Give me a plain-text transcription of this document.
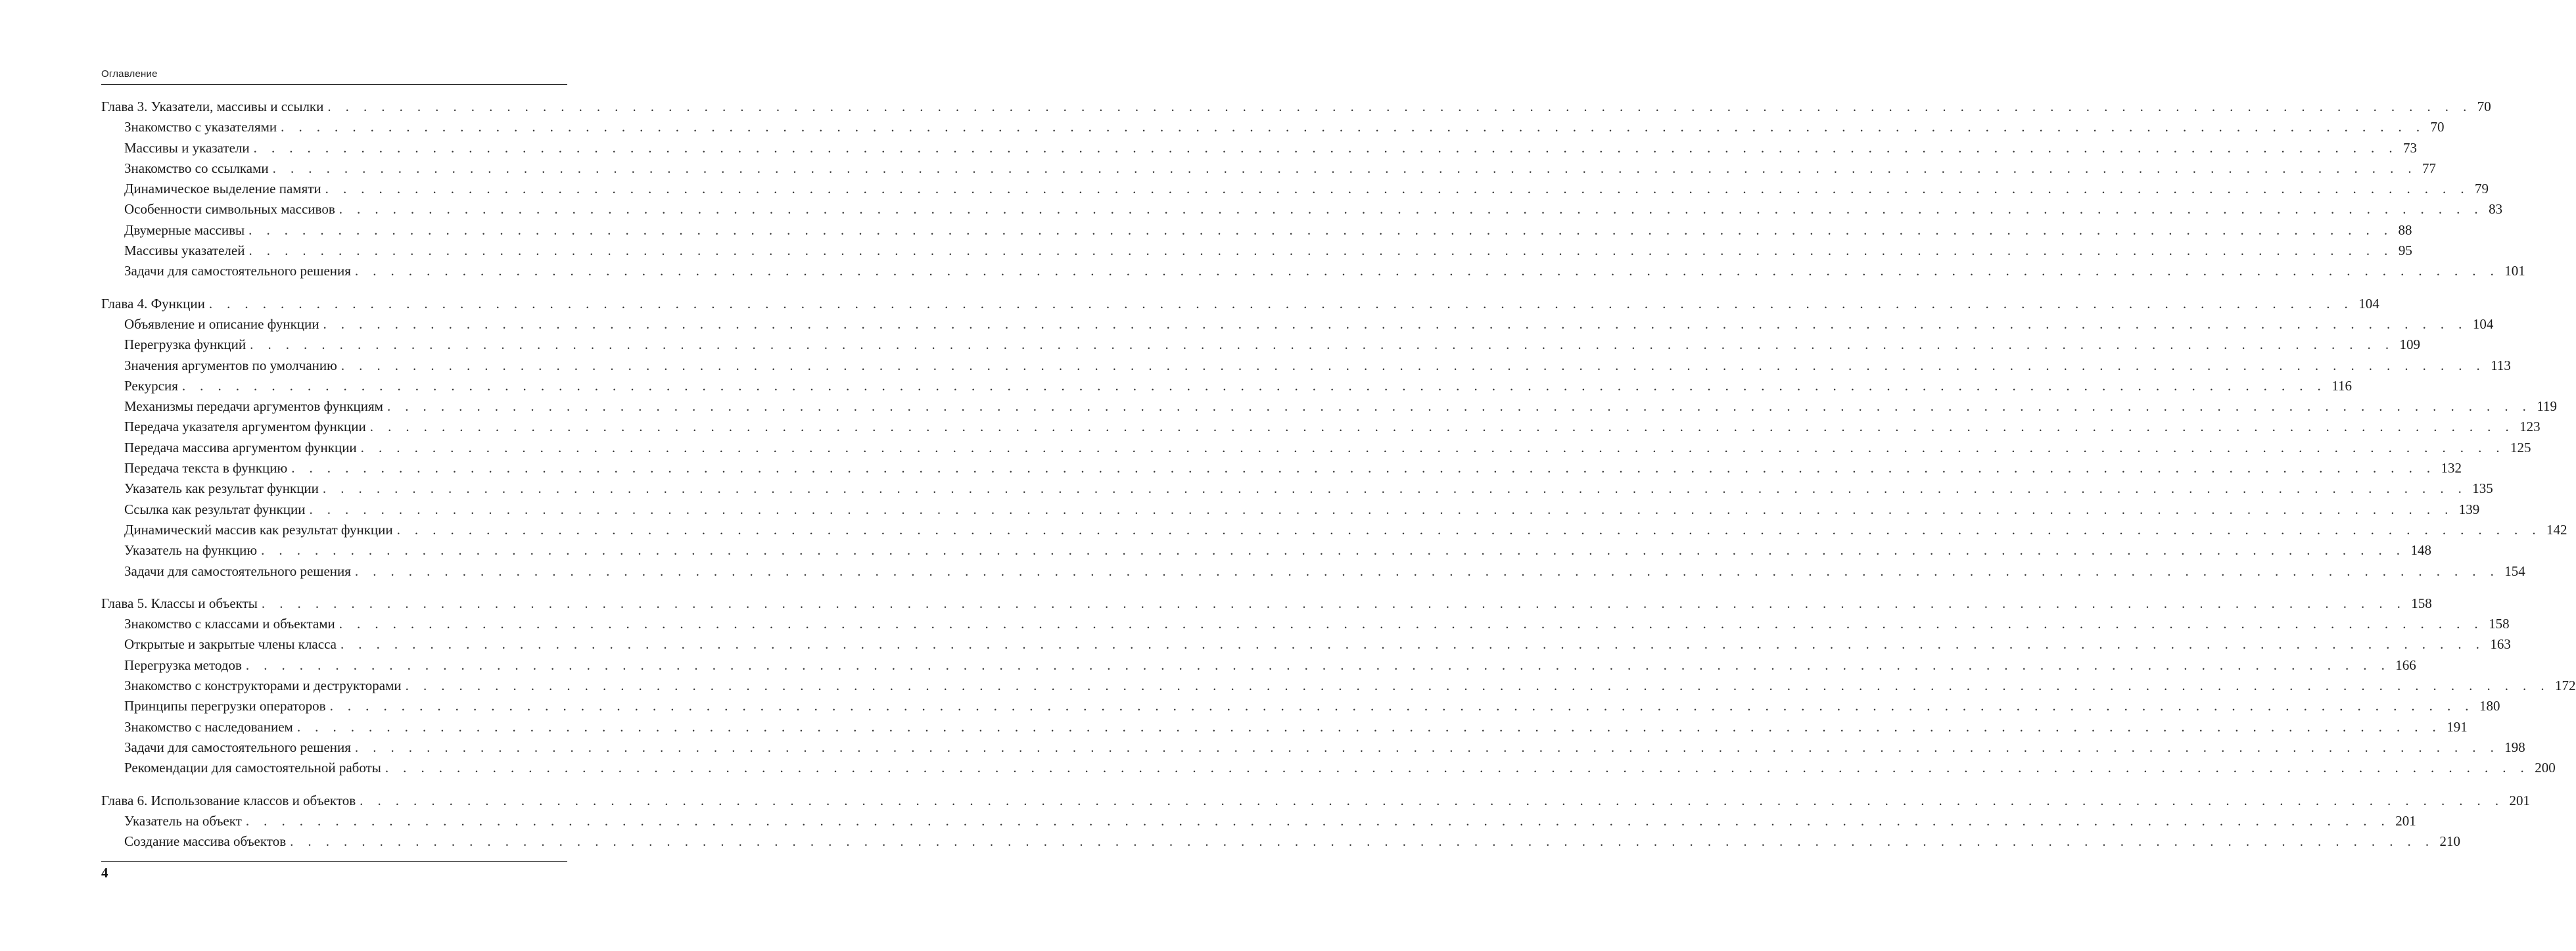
Оглавление
Глава 3. Указатели, массивы и ссылки . . . . . . . . . . . . . . . . . . . . . . . . . . . . . . . . . . . . . . . . . . . . . . . . . . . . . . . . . . . . . . . . . . . . . . . . . . . . . . . . . . . . . . . . . . . . . . . . . . . . . . . . . . . . . . . . . . . . . . . . 70
Знакомство с указателями . . . . . . . . . . . . . . . . . . . . . . . . . . . . . . . . . . . . . . . . . . . . . . . . . . . . . . . . . . . . . . . . . . . . . . . . . . . . . . . . . . . . . . . . . . . . . . . . . . . . . . . . . . . . . . . . . . . . . . . . 70
Массивы и указатели . . . . . . . . . . . . . . . . . . . . . . . . . . . . . . . . . . . . . . . . . . . . . . . . . . . . . . . . . . . . . . . . . . . . . . . . . . . . . . . . . . . . . . . . . . . . . . . . . . . . . . . . . . . . . . . . . . . . . . . . 73
Знакомство со ссылками . . . . . . . . . . . . . . . . . . . . . . . . . . . . . . . . . . . . . . . . . . . . . . . . . . . . . . . . . . . . . . . . . . . . . . . . . . . . . . . . . . . . . . . . . . . . . . . . . . . . . . . . . . . . . . . . . . . . . . . . 77
Динамическое выделение памяти . . . . . . . . . . . . . . . . . . . . . . . . . . . . . . . . . . . . . . . . . . . . . . . . . . . . . . . . . . . . . . . . . . . . . . . . . . . . . . . . . . . . . . . . . . . . . . . . . . . . . . . . . . . . . . . . . . . . . . . . 79
Особенности символьных массивов . . . . . . . . . . . . . . . . . . . . . . . . . . . . . . . . . . . . . . . . . . . . . . . . . . . . . . . . . . . . . . . . . . . . . . . . . . . . . . . . . . . . . . . . . . . . . . . . . . . . . . . . . . . . . . . . . . . . . . . . 83
Двумерные массивы . . . . . . . . . . . . . . . . . . . . . . . . . . . . . . . . . . . . . . . . . . . . . . . . . . . . . . . . . . . . . . . . . . . . . . . . . . . . . . . . . . . . . . . . . . . . . . . . . . . . . . . . . . . . . . . . . . . . . . . . 88
Массивы указателей . . . . . . . . . . . . . . . . . . . . . . . . . . . . . . . . . . . . . . . . . . . . . . . . . . . . . . . . . . . . . . . . . . . . . . . . . . . . . . . . . . . . . . . . . . . . . . . . . . . . . . . . . . . . . . . . . . . . . . . . 95
Задачи для самостоятельного решения . . . . . . . . . . . . . . . . . . . . . . . . . . . . . . . . . . . . . . . . . . . . . . . . . . . . . . . . . . . . . . . . . . . . . . . . . . . . . . . . . . . . . . . . . . . . . . . . . . . . . . . . . . . . . . . . . . . . . . . . 101
Глава 4. Функции . . . . . . . . . . . . . . . . . . . . . . . . . . . . . . . . . . . . . . . . . . . . . . . . . . . . . . . . . . . . . . . . . . . . . . . . . . . . . . . . . . . . . . . . . . . . . . . . . . . . . . . . . . . . . . . . . . . . . . . . 104
Объявление и описание функции . . . . . . . . . . . . . . . . . . . . . . . . . . . . . . . . . . . . . . . . . . . . . . . . . . . . . . . . . . . . . . . . . . . . . . . . . . . . . . . . . . . . . . . . . . . . . . . . . . . . . . . . . . . . . . . . . . . . . . . . 104
Перегрузка функций . . . . . . . . . . . . . . . . . . . . . . . . . . . . . . . . . . . . . . . . . . . . . . . . . . . . . . . . . . . . . . . . . . . . . . . . . . . . . . . . . . . . . . . . . . . . . . . . . . . . . . . . . . . . . . . . . . . . . . . . 109
Значения аргументов по умолчанию . . . . . . . . . . . . . . . . . . . . . . . . . . . . . . . . . . . . . . . . . . . . . . . . . . . . . . . . . . . . . . . . . . . . . . . . . . . . . . . . . . . . . . . . . . . . . . . . . . . . . . . . . . . . . . . . . . . . . . . . 113
Рекурсия . . . . . . . . . . . . . . . . . . . . . . . . . . . . . . . . . . . . . . . . . . . . . . . . . . . . . . . . . . . . . . . . . . . . . . . . . . . . . . . . . . . . . . . . . . . . . . . . . . . . . . . . . . . . . . . . . . . . . . . . 116
Механизмы передачи аргументов функциям . . . . . . . . . . . . . . . . . . . . . . . . . . . . . . . . . . . . . . . . . . . . . . . . . . . . . . . . . . . . . . . . . . . . . . . . . . . . . . . . . . . . . . . . . . . . . . . . . . . . . . . . . . . . . . . . . . . . . . . . 119
Передача указателя аргументом функции . . . . . . . . . . . . . . . . . . . . . . . . . . . . . . . . . . . . . . . . . . . . . . . . . . . . . . . . . . . . . . . . . . . . . . . . . . . . . . . . . . . . . . . . . . . . . . . . . . . . . . . . . . . . . . . . . . . . . . . . 123
Передача массива аргументом функции . . . . . . . . . . . . . . . . . . . . . . . . . . . . . . . . . . . . . . . . . . . . . . . . . . . . . . . . . . . . . . . . . . . . . . . . . . . . . . . . . . . . . . . . . . . . . . . . . . . . . . . . . . . . . . . . . . . . . . . . 125
Передача текста в функцию . . . . . . . . . . . . . . . . . . . . . . . . . . . . . . . . . . . . . . . . . . . . . . . . . . . . . . . . . . . . . . . . . . . . . . . . . . . . . . . . . . . . . . . . . . . . . . . . . . . . . . . . . . . . . . . . . . . . . . . . 132
Указатель как результат функции . . . . . . . . . . . . . . . . . . . . . . . . . . . . . . . . . . . . . . . . . . . . . . . . . . . . . . . . . . . . . . . . . . . . . . . . . . . . . . . . . . . . . . . . . . . . . . . . . . . . . . . . . . . . . . . . . . . . . . . . 135
Ссылка как результат функции . . . . . . . . . . . . . . . . . . . . . . . . . . . . . . . . . . . . . . . . . . . . . . . . . . . . . . . . . . . . . . . . . . . . . . . . . . . . . . . . . . . . . . . . . . . . . . . . . . . . . . . . . . . . . . . . . . . . . . . . 139
Динамический массив как результат функции . . . . . . . . . . . . . . . . . . . . . . . . . . . . . . . . . . . . . . . . . . . . . . . . . . . . . . . . . . . . . . . . . . . . . . . . . . . . . . . . . . . . . . . . . . . . . . . . . . . . . . . . . . . . . . . . . . . . . . . . 142
Указатель на функцию . . . . . . . . . . . . . . . . . . . . . . . . . . . . . . . . . . . . . . . . . . . . . . . . . . . . . . . . . . . . . . . . . . . . . . . . . . . . . . . . . . . . . . . . . . . . . . . . . . . . . . . . . . . . . . . . . . . . . . . . 148
Задачи для самостоятельного решения . . . . . . . . . . . . . . . . . . . . . . . . . . . . . . . . . . . . . . . . . . . . . . . . . . . . . . . . . . . . . . . . . . . . . . . . . . . . . . . . . . . . . . . . . . . . . . . . . . . . . . . . . . . . . . . . . . . . . . . . 154
Глава 5. Классы и объекты . . . . . . . . . . . . . . . . . . . . . . . . . . . . . . . . . . . . . . . . . . . . . . . . . . . . . . . . . . . . . . . . . . . . . . . . . . . . . . . . . . . . . . . . . . . . . . . . . . . . . . . . . . . . . . . . . . . . . . . . 158
Знакомство с классами и объектами . . . . . . . . . . . . . . . . . . . . . . . . . . . . . . . . . . . . . . . . . . . . . . . . . . . . . . . . . . . . . . . . . . . . . . . . . . . . . . . . . . . . . . . . . . . . . . . . . . . . . . . . . . . . . . . . . . . . . . . . 158
Открытые и закрытые члены класса . . . . . . . . . . . . . . . . . . . . . . . . . . . . . . . . . . . . . . . . . . . . . . . . . . . . . . . . . . . . . . . . . . . . . . . . . . . . . . . . . . . . . . . . . . . . . . . . . . . . . . . . . . . . . . . . . . . . . . . . 163
Перегрузка методов . . . . . . . . . . . . . . . . . . . . . . . . . . . . . . . . . . . . . . . . . . . . . . . . . . . . . . . . . . . . . . . . . . . . . . . . . . . . . . . . . . . . . . . . . . . . . . . . . . . . . . . . . . . . . . . . . . . . . . . . 166
Знакомство с конструкторами и деструкторами . . . . . . . . . . . . . . . . . . . . . . . . . . . . . . . . . . . . . . . . . . . . . . . . . . . . . . . . . . . . . . . . . . . . . . . . . . . . . . . . . . . . . . . . . . . . . . . . . . . . . . . . . . . . . . . . . . . . . . . . 172
Принципы перегрузки операторов . . . . . . . . . . . . . . . . . . . . . . . . . . . . . . . . . . . . . . . . . . . . . . . . . . . . . . . . . . . . . . . . . . . . . . . . . . . . . . . . . . . . . . . . . . . . . . . . . . . . . . . . . . . . . . . . . . . . . . . . 180
Знакомство с наследованием . . . . . . . . . . . . . . . . . . . . . . . . . . . . . . . . . . . . . . . . . . . . . . . . . . . . . . . . . . . . . . . . . . . . . . . . . . . . . . . . . . . . . . . . . . . . . . . . . . . . . . . . . . . . . . . . . . . . . . . . 191
Задачи для самостоятельного решения . . . . . . . . . . . . . . . . . . . . . . . . . . . . . . . . . . . . . . . . . . . . . . . . . . . . . . . . . . . . . . . . . . . . . . . . . . . . . . . . . . . . . . . . . . . . . . . . . . . . . . . . . . . . . . . . . . . . . . . . 198
Рекомендации для самостоятельной работы . . . . . . . . . . . . . . . . . . . . . . . . . . . . . . . . . . . . . . . . . . . . . . . . . . . . . . . . . . . . . . . . . . . . . . . . . . . . . . . . . . . . . . . . . . . . . . . . . . . . . . . . . . . . . . . . . . . . . . . . 200
Глава 6. Использование классов и объектов . . . . . . . . . . . . . . . . . . . . . . . . . . . . . . . . . . . . . . . . . . . . . . . . . . . . . . . . . . . . . . . . . . . . . . . . . . . . . . . . . . . . . . . . . . . . . . . . . . . . . . . . . . . . . . . . . . . . . . . . 201
Указатель на объект . . . . . . . . . . . . . . . . . . . . . . . . . . . . . . . . . . . . . . . . . . . . . . . . . . . . . . . . . . . . . . . . . . . . . . . . . . . . . . . . . . . . . . . . . . . . . . . . . . . . . . . . . . . . . . . . . . . . . . . . 201
Создание массива объектов . . . . . . . . . . . . . . . . . . . . . . . . . . . . . . . . . . . . . . . . . . . . . . . . . . . . . . . . . . . . . . . . . . . . . . . . . . . . . . . . . . . . . . . . . . . . . . . . . . . . . . . . . . . . . . . . . . . . . . . . 210
4
